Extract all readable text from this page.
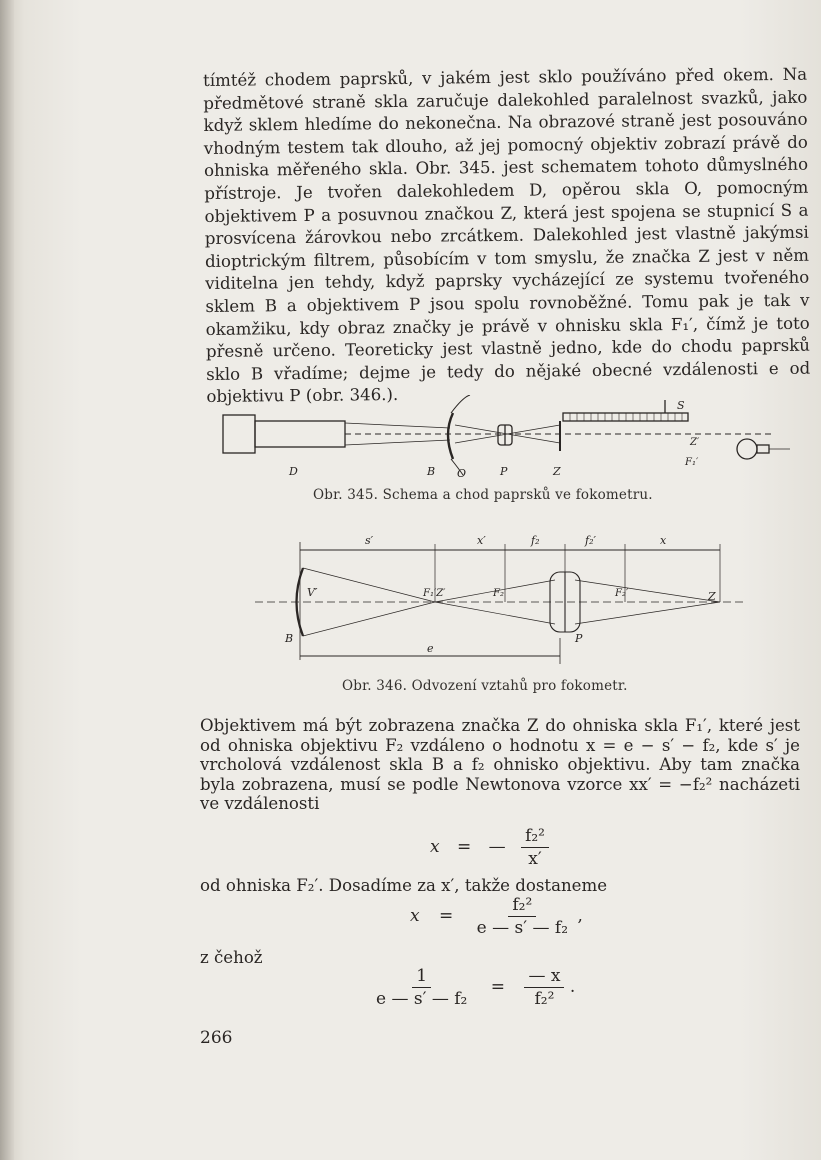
tímtéž chodem paprsků, v jakém jest sklo používáno před okem. Na předmětové straně skla zaručuje dalekohled paralelnost svazků, jako když sklem hledíme do nekonečna. Na obrazové straně jest posouváno vhodným testem tak dlouho, až jej pomocný objektiv zobrazí právě do ohniska měřeného skla. Obr. 345. jest schematem tohoto důmyslného přístroje. Je tvořen dalekohledem D, opěrou skla O, pomocným objektivem P a posuvnou značkou Z, která jest spojena se stupnicí S a prosvícena žárovkou nebo zrcátkem. Dalekohled jest vlastně jakýmsi dioptrickým filtrem, působícím v tom smyslu, že značka Z jest v něm viditelna jen tehdy, když paprsky vycházející ze systemu tvořeného sklem B a objektivem P jsou spolu rovnoběžné. Tomu pak je tak v okamžiku, kdy obraz značky je právě v ohnisku skla F₁′, čímž je toto přesně určeno. Teoreticky jest vlastně jedno, kde do chodu paprsků sklo B vřadíme; dejme je tedy do nějaké obecné vzdálenosti e od objektivu P (obr. 346.).

D	B O	P	Z
S
Z′
F₁′
Obr. 345. Schema a chod paprsků ve fokometru.
s′	x′	f₂	f₂′	x
V′	F₁′Z′	F₂	F₂′	Z
B	P
e
Obr. 346. Odvození vztahů pro fokometr.

Objektivem má být zobrazena značka Z do ohniska skla F₁′, které jest od ohniska objektivu F₂ vzdáleno o hodnotu x = e − s′ − f₂, kde s′ je vrcholová vzdálenost skla B a f₂ ohnisko objektivu. Aby tam značka byla zobrazena, musí se podle Newtonova vzorce xx′ = −f₂² nacházeti ve vzdálenosti

x = — $\frac{\text{f₂²}}{x'}$
od ohniska F₂′. Dosadíme za x′, takže dostaneme
$x = \frac{\text{f₂²}}{\text{e — s′ — f₂}}$ ,
z čehož
$\frac{1}{\text{e — s′ — f₂}} = \frac{— x}{\text{f₂²}}$ .
266
